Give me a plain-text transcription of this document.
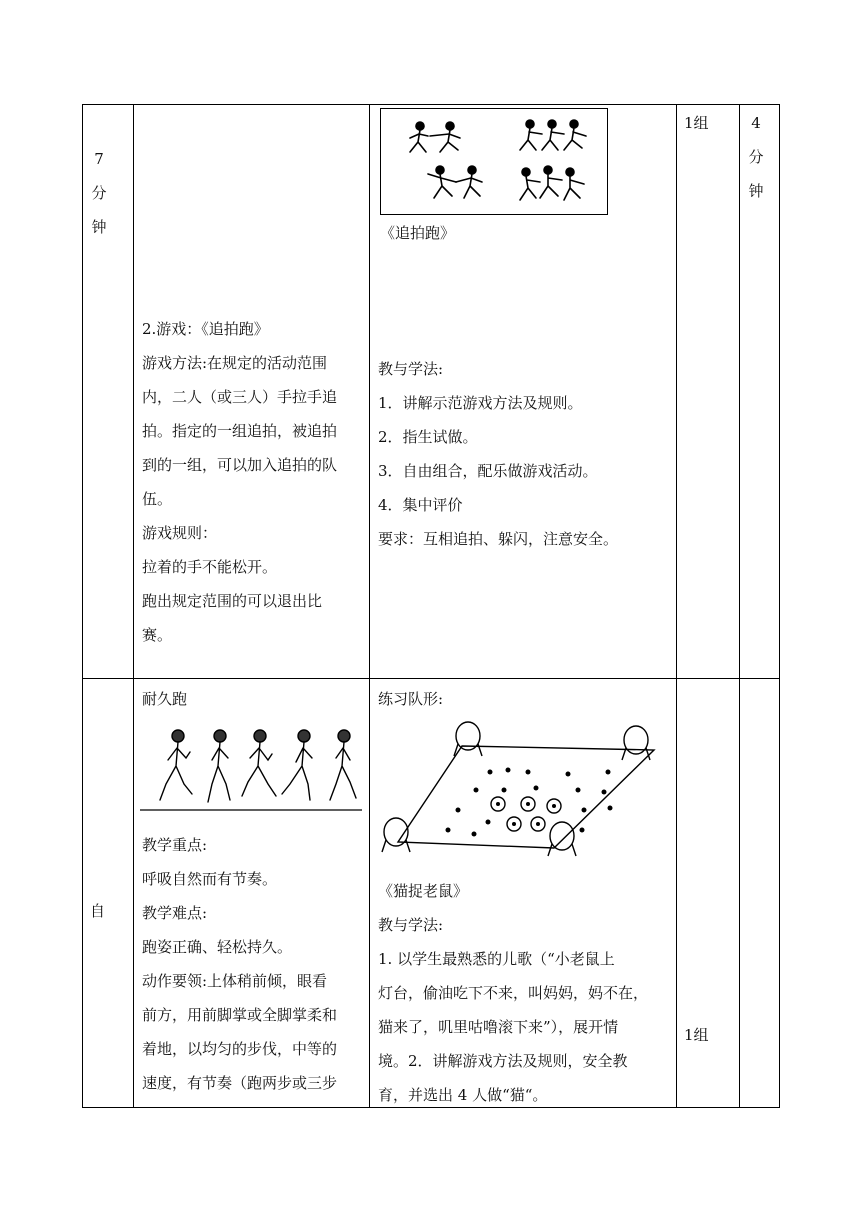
7
分
钟
2.游戏：《追拍跑》
游戏方法:在规定的活动范围
内，二人（或三人）手拉手追
拍。指定的一组追拍，被追拍
到的一组，可以加入追拍的队
伍。
游戏规则：
拉着的手不能松开。
跑出规定范围的可以退出比
赛。
《追拍跑》
教与学法:
1．讲解示范游戏方法及规则。
2．指生试做。
3．自由组合，配乐做游戏活动。
4．集中评价
要求：互相追拍、躲闪，注意安全。
1组	4
分
钟
自
耐久跑
教学重点:
呼吸自然而有节奏。
教学难点:
跑姿正确、轻松持久。
动作要领:上体稍前倾，眼看
前方，用前脚掌或全脚掌柔和
着地，以均匀的步伐，中等的
速度，有节奏（跑两步或三步
练习队形:
《猫捉老鼠》
教与学法:
1. 以学生最熟悉的儿歌（“小老鼠上
灯台，偷油吃下不来，叫妈妈，妈不在，
猫来了，叽里咕噜滚下来”），展开情
境。2．讲解游戏方法及规则，安全教
育，并选出 4 人做“猫“。
1组
